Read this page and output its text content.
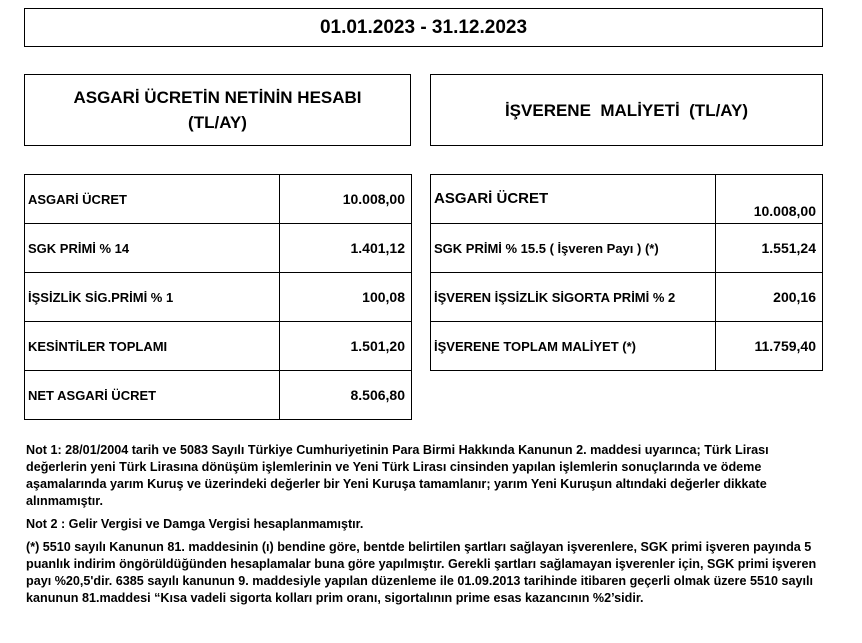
01.01.2023 - 31.12.2023
ASGARİ ÜCRETİN NETİNİN HESABI
(TL/AY)
İŞVERENE  MALİYETİ  (TL/AY)
ASGARİ ÜCRET	10.008,00
SGK PRİMİ % 14	1.401,12
İŞSİZLİK SİG.PRİMİ % 1	100,08
KESİNTİLER TOPLAMI	1.501,20
NET ASGARİ ÜCRET	8.506,80
ASGARİ ÜCRET	10.008,00
SGK PRİMİ % 15.5 ( İşveren Payı ) (*)	1.551,24
İŞVEREN İŞSİZLİK SİGORTA PRİMİ % 2	200,16
İŞVERENE TOPLAM MALİYET (*)	11.759,40

Not 1: 28/01/2004 tarih ve 5083 Sayılı Türkiye Cumhuriyetinin Para Birmi Hakkında Kanunun 2. maddesi uyarınca; Türk Lirası değerlerin yeni Türk Lirasına dönüşüm işlemlerinin ve Yeni Türk Lirası cinsinden yapılan işlemlerin sonuçlarında ve ödeme aşamalarında yarım Kuruş ve üzerindeki değerler bir Yeni Kuruşa tamamlanır; yarım Yeni Kuruşun altındaki değerler dikkate alınmamıştır.

Not 2 : Gelir Vergisi ve Damga Vergisi hesaplanmamıştır.

(*) 5510 sayılı Kanunun 81. maddesinin (ı) bendine göre, bentde belirtilen şartları sağlayan işverenlere, SGK primi işveren payında 5 puanlık indirim öngörüldüğünden hesaplamalar buna göre yapılmıştır. Gerekli şartları sağlamayan işverenler için, SGK primi işveren payı %20,5'dir. 6385 sayılı kanunun 9. maddesiyle yapılan düzenleme ile 01.09.2013 tarihinde itibaren geçerli olmak üzere 5510 sayılı kanunun 81.maddesi “Kısa vadeli sigorta kolları prim oranı, sigortalının prime esas kazancının %2’sidir.
